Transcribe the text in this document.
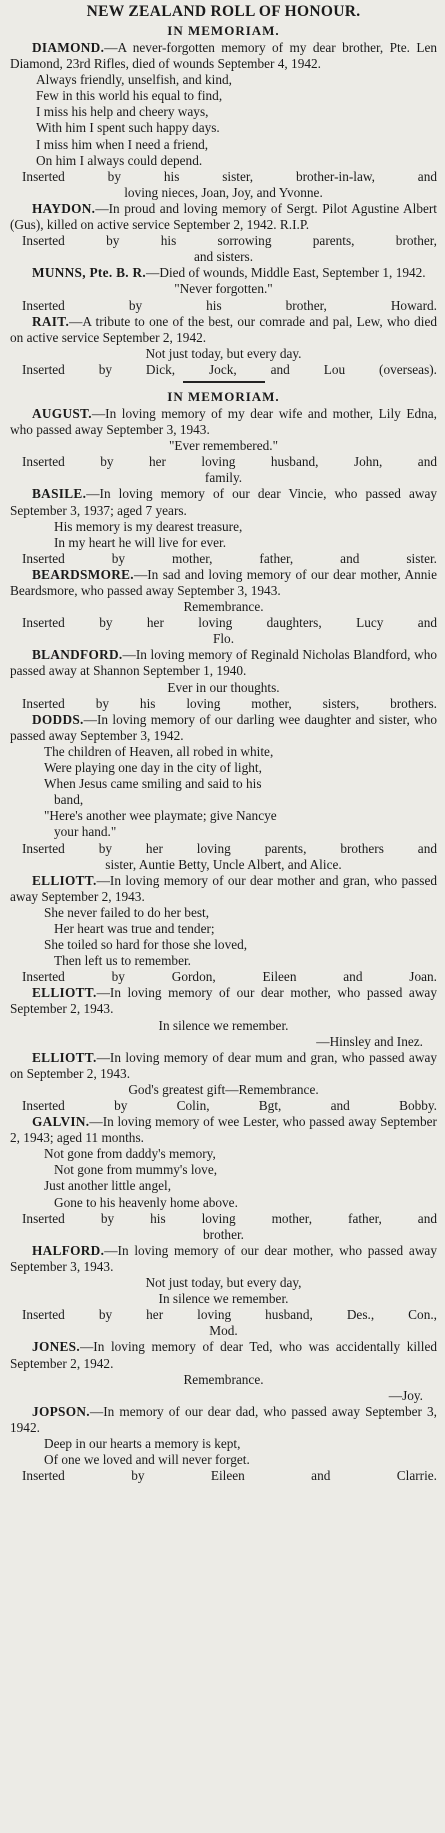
NEW ZEALAND ROLL OF HONOUR.
IN MEMORIAM.

DIAMOND.—A never-forgotten memory of my dear brother, Pte. Len Diamond, 23rd Rifles, died of wounds September 4, 1942.

Always friendly, unselfish, and kind,

Few in this world his equal to find,

I miss his help and cheery ways,

With him I spent such happy days.

I miss him when I need a friend,

On him I always could depend.

Inserted by his sister, brother-in-law, and

loving nieces, Joan, Joy, and Yvonne.

HAYDON.—In proud and loving memory of Sergt. Pilot Agustine Albert (Gus), killed on active service September 2, 1942. R.I.P.

Inserted by his sorrowing parents, brother,

and sisters.

MUNNS, Pte. B. R.—Died of wounds, Middle East, September 1, 1942.

"Never forgotten."

Inserted by his brother, Howard.

RAIT.—A tribute to one of the best, our comrade and pal, Lew, who died on active service September 2, 1942.

Not just today, but every day.

Inserted by Dick, Jock, and Lou (overseas).

IN MEMORIAM.

AUGUST.—In loving memory of my dear wife and mother, Lily Edna, who passed away September 3, 1943.

"Ever remembered."

Inserted by her loving husband, John, and

family.

BASILE.—In loving memory of our dear Vincie, who passed away September 3, 1937; aged 7 years.

His memory is my dearest treasure,

In my heart he will live for ever.

Inserted by mother, father, and sister.

BEARDSMORE.—In sad and loving memory of our dear mother, Annie Beardsmore, who passed away September 3, 1943.

Remembrance.

Inserted by her loving daughters, Lucy and

Flo.

BLANDFORD.—In loving memory of Reginald Nicholas Blandford, who passed away at Shannon September 1, 1940.

Ever in our thoughts.

Inserted by his loving mother, sisters, brothers.

DODDS.—In loving memory of our darling wee daughter and sister, who passed away September 3, 1942.

The children of Heaven, all robed in white,

Were playing one day in the city of light,

When Jesus came smiling and said to his

band,

"Here's another wee playmate; give Nancye

your hand."

Inserted by her loving parents, brothers and

sister, Auntie Betty, Uncle Albert, and Alice.

ELLIOTT.—In loving memory of our dear mother and gran, who passed away September 2, 1943.

She never failed to do her best,

Her heart was true and tender;

She toiled so hard for those she loved,

Then left us to remember.

Inserted by Gordon, Eileen and Joan.

ELLIOTT.—In loving memory of our dear mother, who passed away September 2, 1943.

In silence we remember.

—Hinsley and Inez.

ELLIOTT.—In loving memory of dear mum and gran, who passed away on September 2, 1943.

God's greatest gift—Remembrance.

Inserted by Colin, Bgt, and Bobby.

GALVIN.—In loving memory of wee Lester, who passed away September 2, 1943; aged 11 months.

Not gone from daddy's memory,

Not gone from mummy's love,

Just another little angel,

Gone to his heavenly home above.

Inserted by his loving mother, father, and

brother.

HALFORD.—In loving memory of our dear mother, who passed away September 3, 1943.

Not just today, but every day,

In silence we remember.

Inserted by her loving husband, Des., Con.,

Mod.

JONES.—In loving memory of dear Ted, who was accidentally killed September 2, 1942.

Remembrance.

—Joy.

JOPSON.—In memory of our dear dad, who passed away September 3, 1942.

Deep in our hearts a memory is kept,

Of one we loved and will never forget.

Inserted by Eileen and Clarrie.
